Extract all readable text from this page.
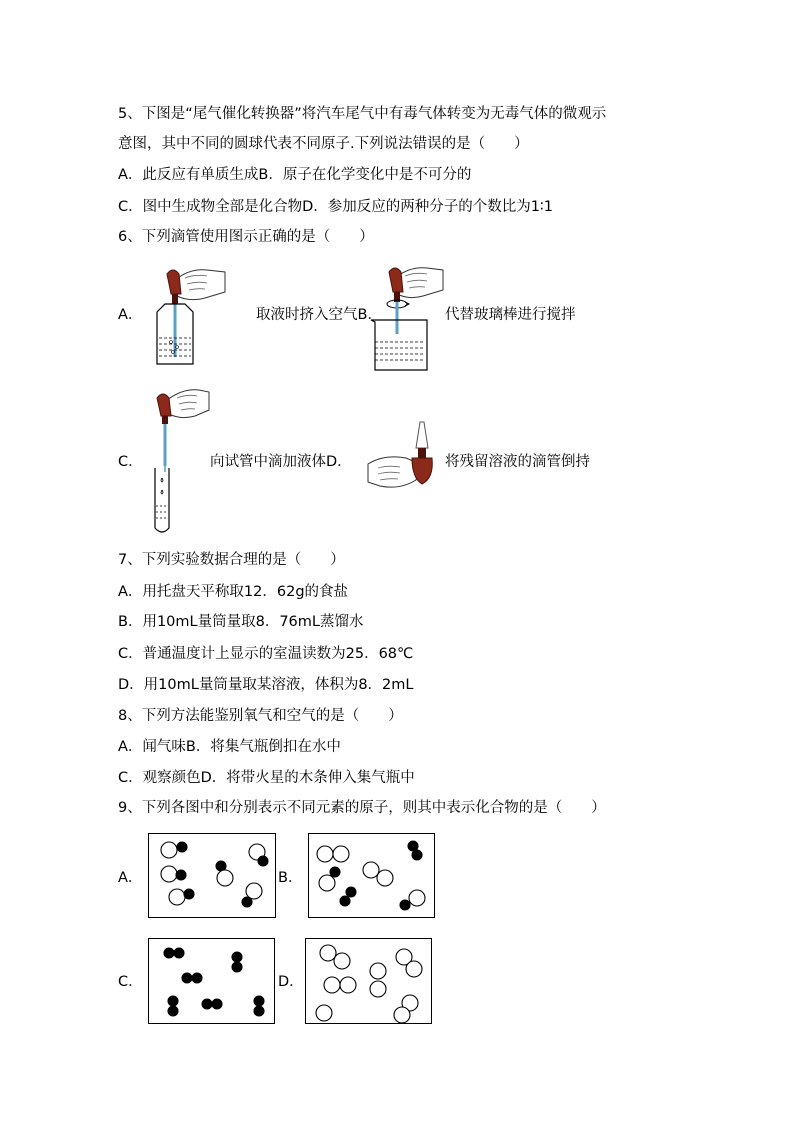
5、下图是“尾气催化转换器”将汽车尾气中有毒气体转变为无毒气体的微观示
意图，其中不同的圆球代表不同原子.下列说法错误的是（　　）
A．此反应有单质生成B．原子在化学变化中是不可分的
C．图中生成物全部是化合物D．参加反应的两种分子的个数比为1∶1
6、下列滴管使用图示正确的是（　　）
A．	取液时挤入空气B．	代替玻璃棒进行搅拌
C．	向试管中滴加液体D．	将残留溶液的滴管倒持
7、下列实验数据合理的是（　　）
A．用托盘天平称取12．62g的食盐
B．用10mL量筒量取8．76mL蒸馏水
C．普通温度计上显示的室温读数为25．68℃
D．用10mL量筒量取某溶液，体积为8．2mL
8、下列方法能鉴别氧气和空气的是（　　）
A．闻气味B．将集气瓶倒扣在水中
C．观察颜色D．将带火星的木条伸入集气瓶中
9、下列各图中和分别表示不同元素的原子，则其中表示化合物的是（　　）
A．	B．
C．	D．
